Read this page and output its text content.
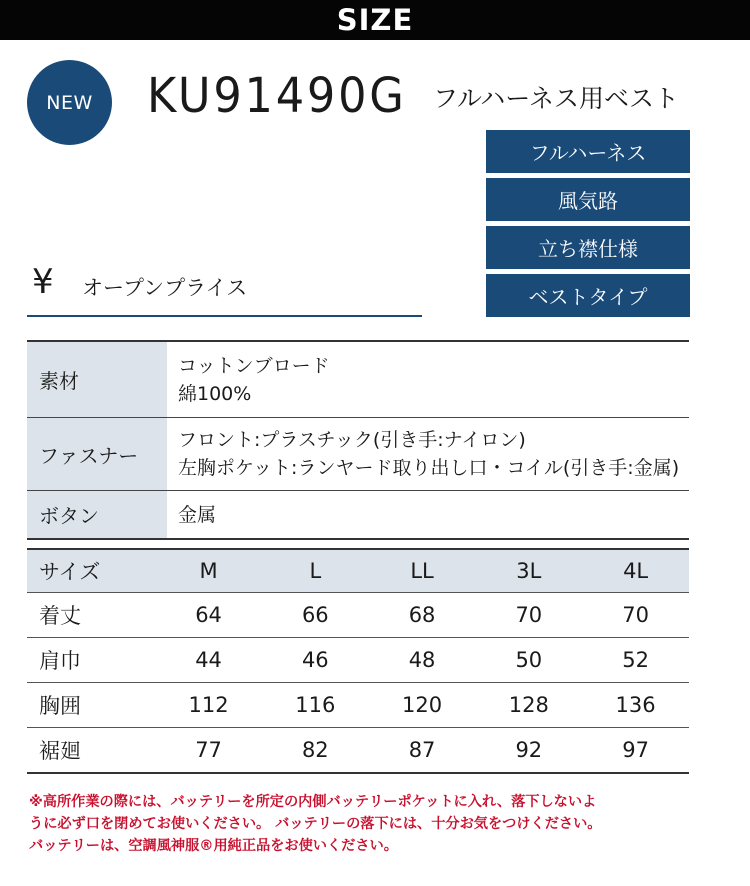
SIZE
NEW KU91490G フルハーネス用ベスト
フルハーネス
風気路
立ち襟仕様
ベストタイプ
¥ オープンプライス
素材	コットンブロード
綿100%

ファスナー	フロント:プラスチック(引き手:ナイロン)
左胸ポケット:ランヤード取り出し口・コイル(引き手:金属)

ボタン	金属
サイズ	M	L	LL	3L	4L
着丈	64	66	68	70	70
肩巾	44	46	48	50	52
胸囲	112	116	120	128	136
裾廻	77	82	87	92	97
※高所作業の際には、バッテリーを所定の内側バッテリーポケットに入れ、落下しないよ
うに必ず口を閉めてお使いください。 バッテリーの落下には、十分お気をつけください。
バッテリーは、空調風神服®用純正品をお使いください。
